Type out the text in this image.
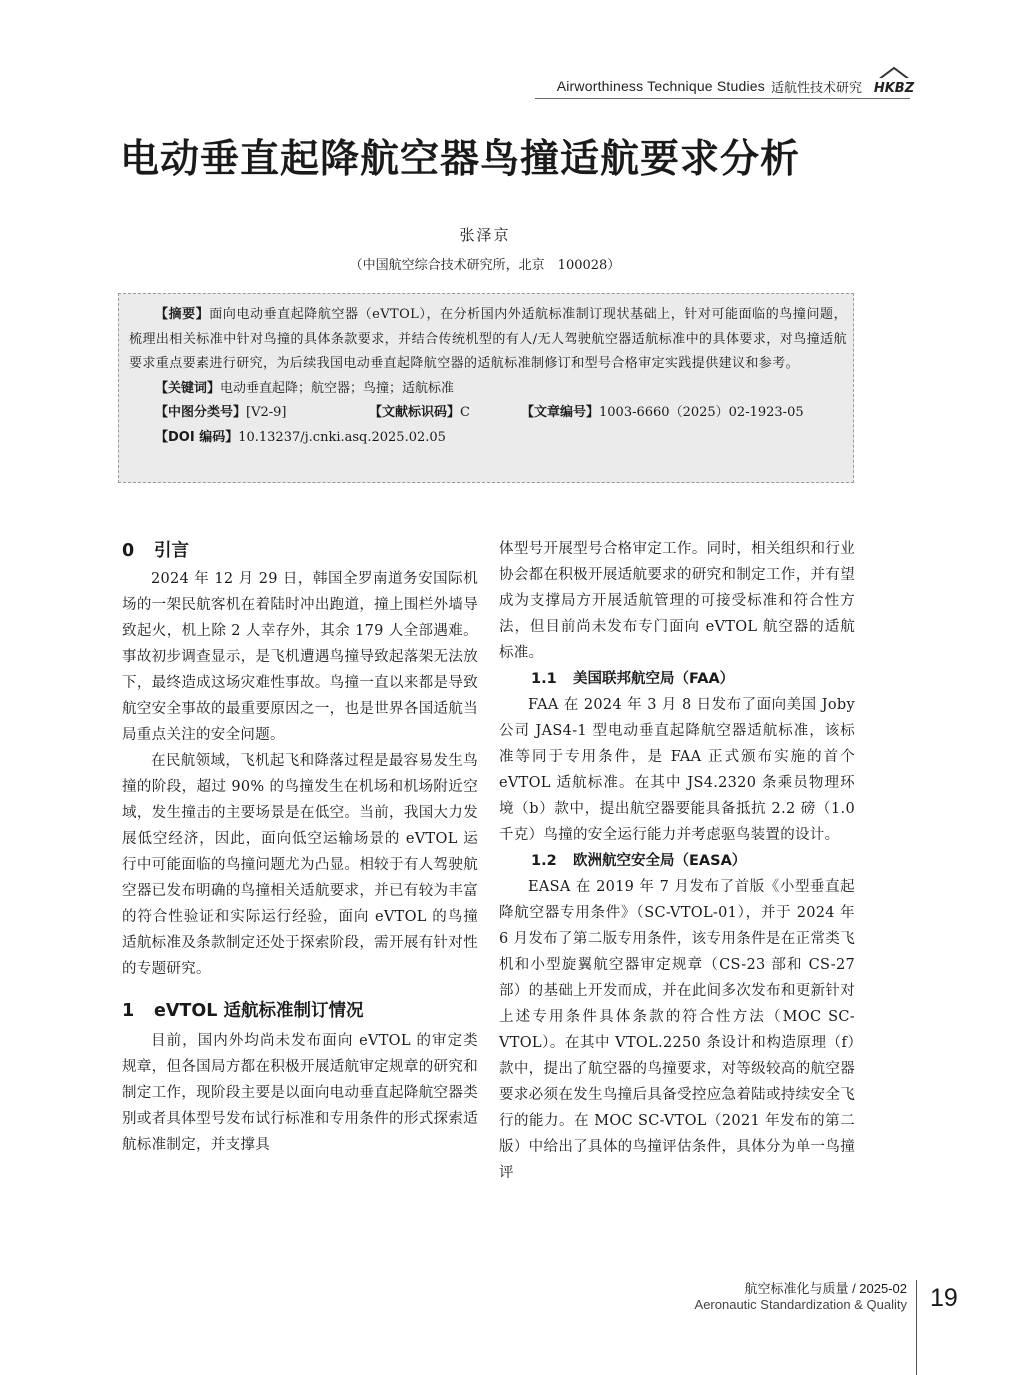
Airworthiness Technique Studies 适航性技术研究 HKBZ
电动垂直起降航空器鸟撞适航要求分析
张泽京
（中国航空综合技术研究所，北京　100028）
【摘要】面向电动垂直起降航空器（eVTOL），在分析国内外适航标准制订现状基础上，针对可能面临的鸟撞问题，梳理出相关标准中针对鸟撞的具体条款要求，并结合传统机型的有人/无人驾驶航空器适航标准中的具体要求，对鸟撞适航要求重点要素进行研究，为后续我国电动垂直起降航空器的适航标准制修订和型号合格审定实践提供建议和参考。
【关键词】电动垂直起降；航空器；鸟撞；适航标准
【中图分类号】[V2-9]	【文献标识码】C	【文章编号】1003-6660（2025）02-1923-05
【DOI 编码】10.13237/j.cnki.asq.2025.02.05
0 引言

2024 年 12 月 29 日，韩国全罗南道务安国际机场的一架民航客机在着陆时冲出跑道，撞上围栏外墙导致起火，机上除 2 人幸存外，其余 179 人全部遇难。事故初步调查显示，是飞机遭遇鸟撞导致起落架无法放下，最终造成这场灾难性事故。鸟撞一直以来都是导致航空安全事故的最重要原因之一，也是世界各国适航当局重点关注的安全问题。

在民航领域，飞机起飞和降落过程是最容易发生鸟撞的阶段，超过 90% 的鸟撞发生在机场和机场附近空域，发生撞击的主要场景是在低空。当前，我国大力发展低空经济，因此，面向低空运输场景的 eVTOL 运行中可能面临的鸟撞问题尤为凸显。相较于有人驾驶航空器已发布明确的鸟撞相关适航要求，并已有较为丰富的符合性验证和实际运行经验，面向 eVTOL 的鸟撞适航标准及条款制定还处于探索阶段，需开展有针对性的专题研究。

1 eVTOL 适航标准制订情况

目前，国内外均尚未发布面向 eVTOL 的审定类规章，但各国局方都在积极开展适航审定规章的研究和制定工作，现阶段主要是以面向电动垂直起降航空器类别或者具体型号发布试行标准和专用条件的形式探索适航标准制定，并支撑具

体型号开展型号合格审定工作。同时，相关组织和行业协会都在积极开展适航要求的研究和制定工作，并有望成为支撑局方开展适航管理的可接受标准和符合性方法，但目前尚未发布专门面向 eVTOL 航空器的适航标准。

1.1 美国联邦航空局（FAA）

FAA 在 2024 年 3 月 8 日发布了面向美国 Joby 公司 JAS4-1 型电动垂直起降航空器适航标准，该标准等同于专用条件，是 FAA 正式颁布实施的首个 eVTOL 适航标准。在其中 JS4.2320 条乘员物理环境（b）款中，提出航空器要能具备抵抗 2.2 磅（1.0 千克）鸟撞的安全运行能力并考虑驱鸟装置的设计。

1.2 欧洲航空安全局（EASA）

EASA 在 2019 年 7 月发布了首版《小型垂直起降航空器专用条件》（SC-VTOL-01），并于 2024 年 6 月发布了第二版专用条件，该专用条件是在正常类飞机和小型旋翼航空器审定规章（CS-23 部和 CS-27 部）的基础上开发而成，并在此间多次发布和更新针对上述专用条件具体条款的符合性方法（MOC SC-VTOL）。在其中 VTOL.2250 条设计和构造原理（f）款中，提出了航空器的鸟撞要求，对等级较高的航空器要求必须在发生鸟撞后具备受控应急着陆或持续安全飞行的能力。在 MOC SC-VTOL（2021 年发布的第二版）中给出了具体的鸟撞评估条件，具体分为单一鸟撞评

航空标准化与质量 / 2025-02
Aeronautic Standardization & Quality 19
